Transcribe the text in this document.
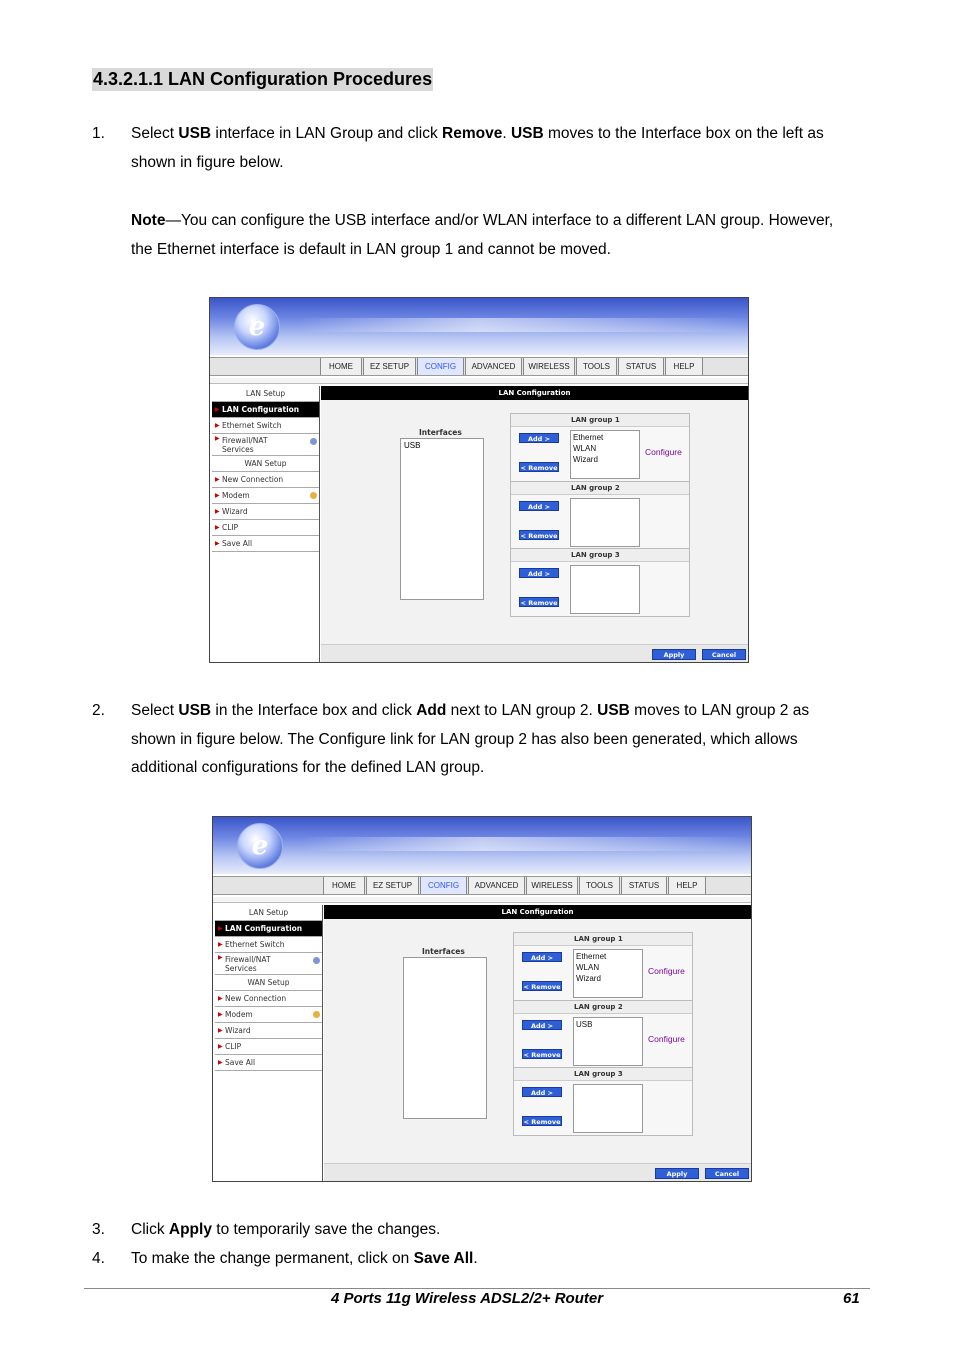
4.3.2.1.1 LAN Configuration Procedures
1. Select USB interface in LAN Group and click Remove. USB moves to the Interface box on the left as
shown in figure below.
Note—You can configure the USB interface and/or WLAN interface to a different LAN group. However,
the Ethernet interface is default in LAN group 1 and cannot be moved.
e
HOME	EZ SETUP	CONFIG	ADVANCED	WIRELESS	TOOLS	STATUS	HELP
LAN Setup
▶ LAN Configuration
▶ Ethernet Switch
▶ Firewall/NAT
Services
WAN Setup
▶ New Connection
▶ Modem
▶ Wizard
▶ CLIP
▶ Save All
LAN Configuration
Interfaces
USB
LAN group 1
Add >
< Remove
Ethernet
WLAN
Wizard
Configure
LAN group 2
Add >
< Remove
LAN group 3
Add >
< Remove
Apply	Cancel
2. Select USB in the Interface box and click Add next to LAN group 2. USB moves to LAN group 2 as
shown in figure below. The Configure link for LAN group 2 has also been generated, which allows
additional configurations for the defined LAN group.
e
HOME	EZ SETUP	CONFIG	ADVANCED	WIRELESS	TOOLS	STATUS	HELP
LAN Setup
▶ LAN Configuration
▶ Ethernet Switch
▶ Firewall/NAT
Services
WAN Setup
▶ New Connection
▶ Modem
▶ Wizard
▶ CLIP
▶ Save All
LAN Configuration
Interfaces
LAN group 1
Add >
< Remove
Ethernet
WLAN
Wizard
Configure
LAN group 2
Add >
< Remove
USB
Configure
LAN group 3
Add >
< Remove
Apply	Cancel
3. Click Apply to temporarily save the changes.
4. To make the change permanent, click on Save All.
4 Ports 11g Wireless ADSL2/2+ Router	61
